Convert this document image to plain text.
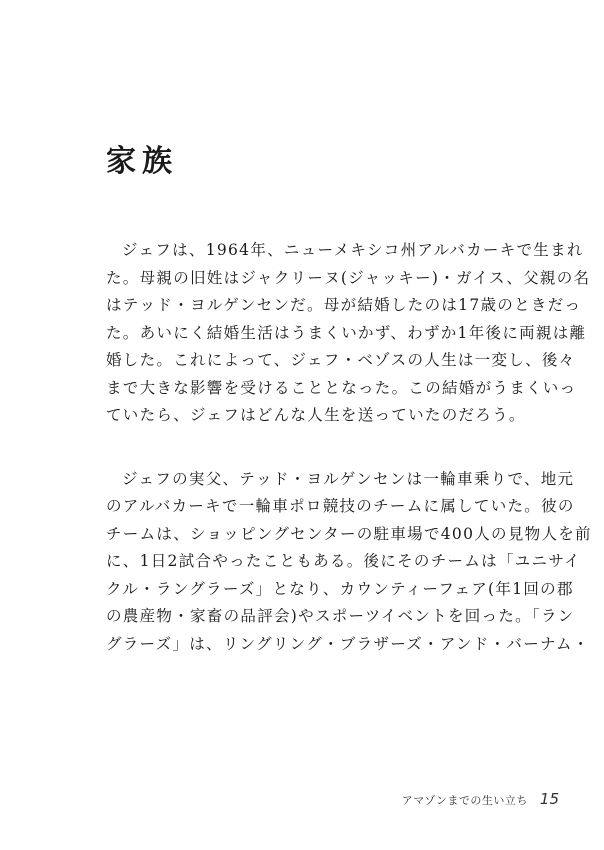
家族
ジェフは、1964年、ニューメキシコ州アルバカーキで生まれ
た。母親の旧姓はジャクリーヌ(ジャッキー)・ガイス、父親の名
はテッド・ヨルゲンセンだ。母が結婚したのは17歳のときだっ
た。あいにく結婚生活はうまくいかず、わずか1年後に両親は離
婚した。これによって、ジェフ・ベゾスの人生は一変し、後々
まで大きな影響を受けることとなった。この結婚がうまくいっ
ていたら、ジェフはどんな人生を送っていたのだろう。
ジェフの実父、テッド・ヨルゲンセンは一輪車乗りで、地元
のアルバカーキで一輪車ポロ競技のチームに属していた。彼の
チームは、ショッピングセンターの駐車場で400人の見物人を前
に、1日2試合やったこともある。後にそのチームは「ユニサイ
クル・ラングラーズ」となり、カウンティーフェア(年1回の郡
の農産物・家畜の品評会)やスポーツイベントを回った。「ラン
グラーズ」は、リングリング・ブラザーズ・アンド・バーナム・
アマゾンまでの生い立ち 15
